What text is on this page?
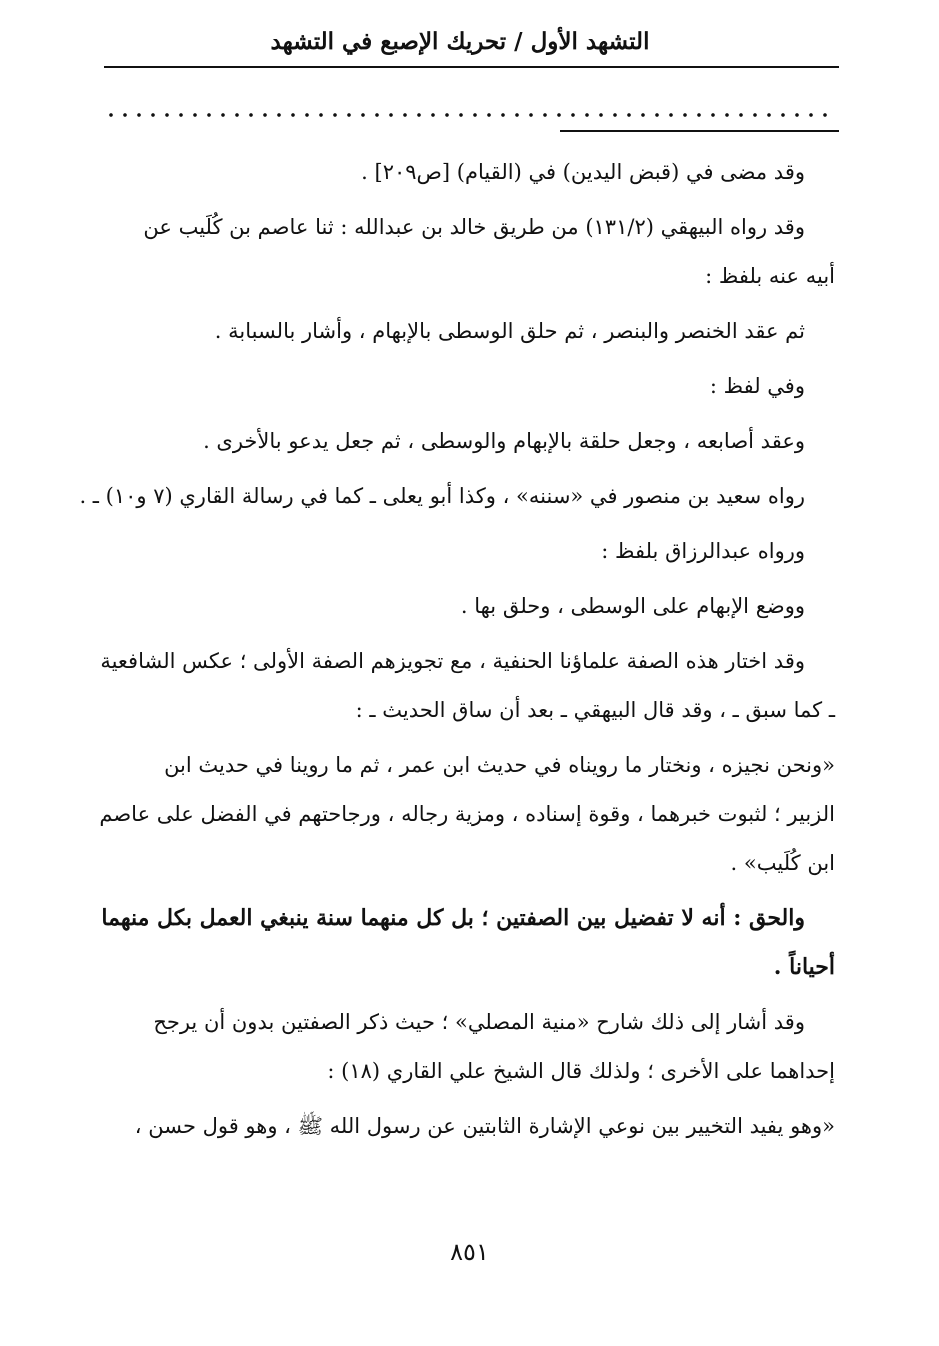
التشهد الأول / تحريك الإصبع في التشهد
وقد مضى في (قبض اليدين) في (القيام) [ص٢٠٩] .
وقد رواه البيهقي (١٣١/٢) من طريق خالد بن عبدالله : ثنا عاصم بن كُلَيب عن
أبيه عنه بلفظ :
ثم عقد الخنصر والبنصر ، ثم حلق الوسطى بالإبهام ، وأشار بالسبابة .
وفي لفظ :
وعقد أصابعه ، وجعل حلقة بالإبهام والوسطى ، ثم جعل يدعو بالأخرى .
رواه سعيد بن منصور في «سننه» ، وكذا أبو يعلى ـ كما في رسالة القاري (٧ و١٠) ـ .
ورواه عبدالرزاق بلفظ :
ووضع الإبهام على الوسطى ، وحلق بها .
وقد اختار هذه الصفة علماؤنا الحنفية ، مع تجويزهم الصفة الأولى ؛ عكس الشافعية
ـ كما سبق ـ ، وقد قال البيهقي ـ بعد أن ساق الحديث ـ :
«ونحن نجيزه ، ونختار ما رويناه في حديث ابن عمر ، ثم ما روينا في حديث ابن
الزبير ؛ لثبوت خبرهما ، وقوة إسناده ، ومزية رجاله ، ورجاحتهم في الفضل على عاصم
ابن كُلَيب» .
والحق : أنه لا تفضيل بين الصفتين ؛ بل كل منهما سنة ينبغي العمل بكل منهما
أحياناً .
وقد أشار إلى ذلك شارح «منية المصلي» ؛ حيث ذكر الصفتين بدون أن يرجح
إحداهما على الأخرى ؛ ولذلك قال الشيخ علي القاري (١٨) :
«وهو يفيد التخيير بين نوعي الإشارة الثابتين عن رسول الله ﷺ ، وهو قول حسن ،
٨٥١
